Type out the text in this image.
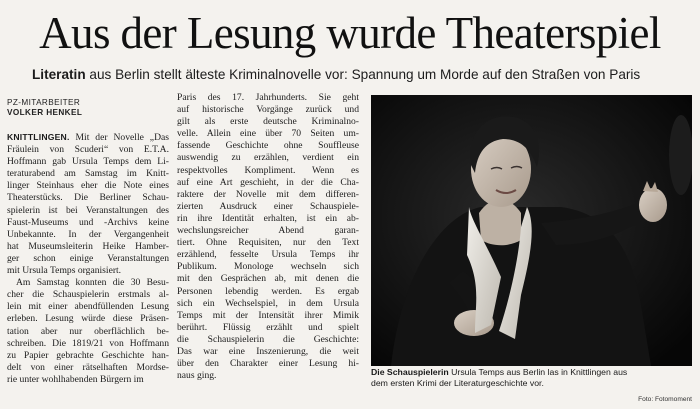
Aus der Lesung wurde Theaterspiel
Literatin aus Berlin stellt älteste Kriminalnovelle vor: Spannung um Morde auf den Straßen von Paris
PZ-MITARBEITER
VOLKER HENKEL
KNITTLINGEN. Mit der Novelle „Das
Fräulein von Scuderi“ von E.T.A.
Hoffmann gab Ursula Temps dem Li-
teraturabend am Samstag im Knitt-
linger Steinhaus eher die Note eines
Theaterstücks. Die Berliner Schau-
spielerin ist bei Veranstaltungen des
Faust-Museums und -Archivs keine
Unbekannte. In der Vergangenheit
hat Museumsleiterin Heike Hamber-
ger schon einige Veranstaltungen
mit Ursula Temps organisiert.
Am Samstag konnten die 30 Besu-
cher die Schauspielerin erstmals al-
lein mit einer abendfüllenden Lesung
erleben. Lesung würde diese Präsen-
tation aber nur oberflächlich be-
schreiben. Die 1819/21 von Hoffmann
zu Papier gebrachte Geschichte han-
delt von einer rätselhaften Mordse-
rie unter wohlhabenden Bürgern im
Paris des 17. Jahrhunderts. Sie geht
auf historische Vorgänge zurück und
gilt als erste deutsche Kriminalno-
velle. Allein eine über 70 Seiten um-
fassende Geschichte ohne Souffleuse
auswendig zu erzählen, verdient ein
respektvolles Kompliment. Wenn es
auf eine Art geschieht, in der die Cha-
raktere der Novelle mit dem differen-
zierten Ausdruck einer Schauspiele-
rin ihre Identität erhalten, ist ein ab-
wechslungsreicher Abend garan-
tiert. Ohne Requisiten, nur den Text
erzählend, fesselte Ursula Temps ihr
Publikum. Monologe wechseln sich
mit den Gesprächen ab, mit denen die
Personen lebendig werden. Es ergab
sich ein Wechselspiel, in dem Ursula
Temps mit der Intensität ihrer Mimik
berührt. Flüssig erzählt und spielt
die Schauspielerin die Geschichte:
Das war eine Inszenierung, die weit
über den Charakter einer Lesung hi-
naus ging.	Die Schauspielerin Ursula Temps aus Berlin las in Knittlingen aus
dem ersten Krimi der Literaturgeschichte vor.
Foto: Fotomoment
